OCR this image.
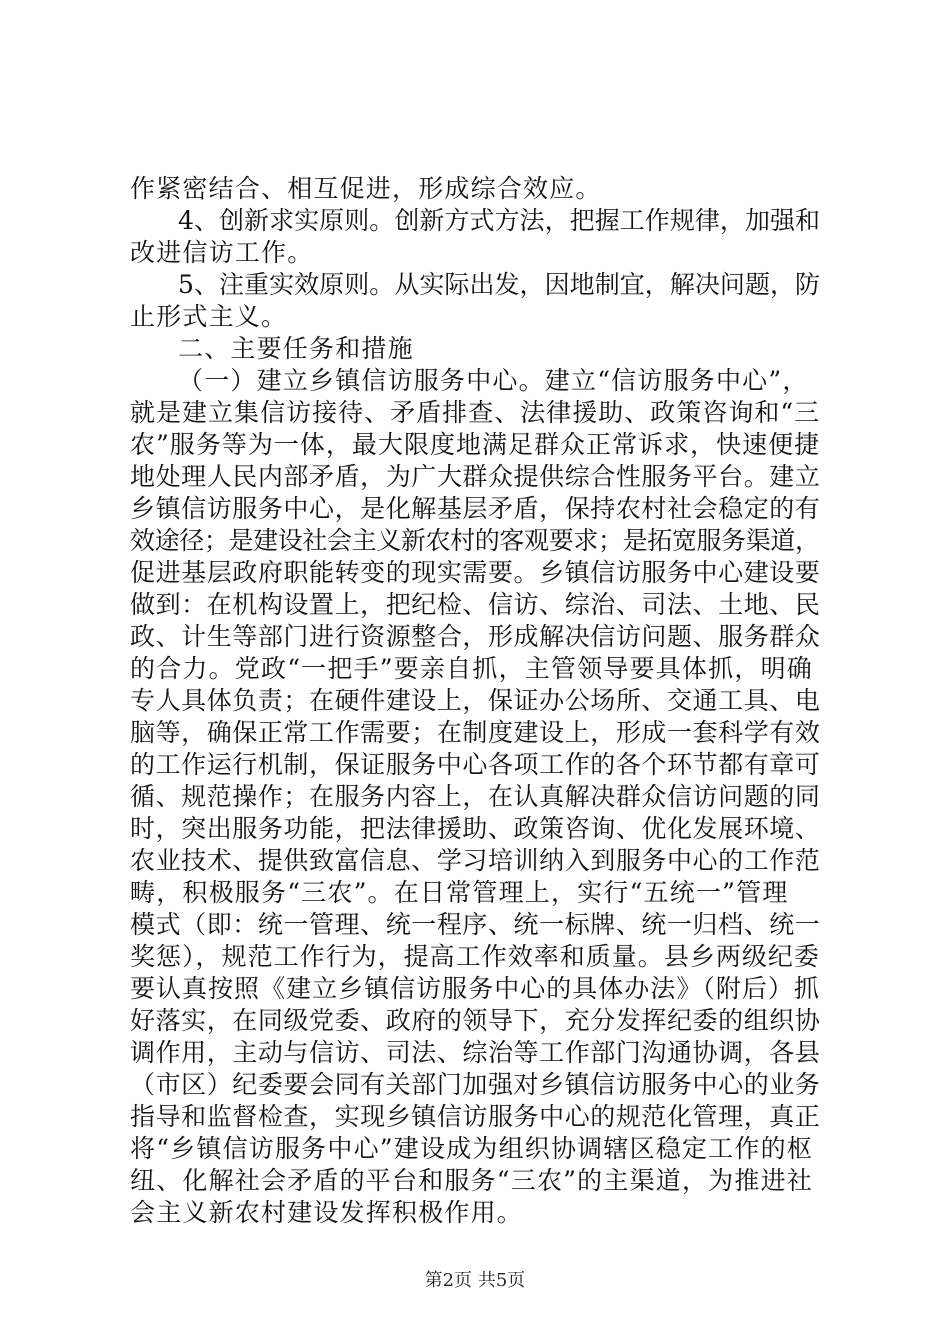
作紧密结合、相互促进，形成综合效应。
4、创新求实原则。创新方式方法，把握工作规律，加强和
改进信访工作。
5、注重实效原则。从实际出发，因地制宜，解决问题，防
止形式主义。
二、主要任务和措施
（一）建立乡镇信访服务中心。建立“信访服务中心”，
就是建立集信访接待、矛盾排查、法律援助、政策咨询和“三
农”服务等为一体，最大限度地满足群众正常诉求，快速便捷
地处理人民内部矛盾，为广大群众提供综合性服务平台。建立
乡镇信访服务中心，是化解基层矛盾，保持农村社会稳定的有
效途径；是建设社会主义新农村的客观要求；是拓宽服务渠道，
促进基层政府职能转变的现实需要。乡镇信访服务中心建设要
做到：在机构设置上，把纪检、信访、综治、司法、土地、民
政、计生等部门进行资源整合，形成解决信访问题、服务群众
的合力。党政“一把手”要亲自抓，主管领导要具体抓，明确
专人具体负责；在硬件建设上，保证办公场所、交通工具、电
脑等，确保正常工作需要；在制度建设上，形成一套科学有效
的工作运行机制，保证服务中心各项工作的各个环节都有章可
循、规范操作；在服务内容上，在认真解决群众信访问题的同
时，突出服务功能，把法律援助、政策咨询、优化发展环境、
农业技术、提供致富信息、学习培训纳入到服务中心的工作范
畴，积极服务“三农”。在日常管理上，实行“五统一”管理
模式（即：统一管理、统一程序、统一标牌、统一归档、统一
奖惩），规范工作行为，提高工作效率和质量。县乡两级纪委
要认真按照《建立乡镇信访服务中心的具体办法》（附后）抓
好落实，在同级党委、政府的领导下，充分发挥纪委的组织协
调作用，主动与信访、司法、综治等工作部门沟通协调，各县
（市区）纪委要会同有关部门加强对乡镇信访服务中心的业务
指导和监督检查，实现乡镇信访服务中心的规范化管理，真正
将“乡镇信访服务中心”建设成为组织协调辖区稳定工作的枢
纽、化解社会矛盾的平台和服务“三农”的主渠道，为推进社
会主义新农村建设发挥积极作用。
第2页 共5页
